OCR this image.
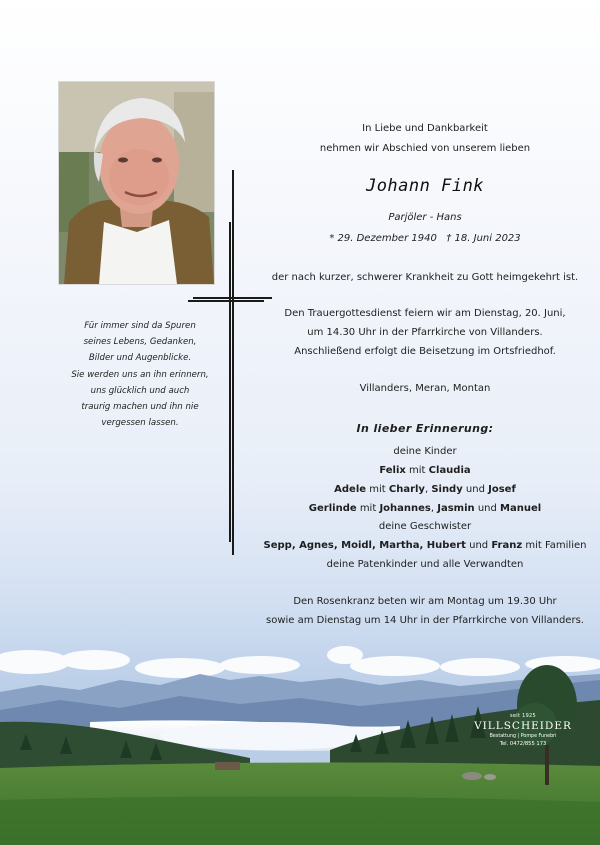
Für immer sind da Spuren
seines Lebens, Gedanken,
Bilder und Augenblicke.
Sie werden uns an ihn erinnern,
uns glücklich und auch
traurig machen und ihn nie
vergessen lassen.
In Liebe und Dankbarkeit
nehmen wir Abschied von unserem lieben
Johann Fink
Parjöler - Hans
* 29. Dezember 1940   † 18. Juni 2023
der nach kurzer, schwerer Krankheit zu Gott heimgekehrt ist.
Den Trauergottesdienst feiern wir am Dienstag, 20. Juni,
um 14.30 Uhr in der Pfarrkirche von Villanders.
Anschließend erfolgt die Beisetzung im Ortsfriedhof.
Villanders, Meran, Montan
In lieber Erinnerung:
deine Kinder
Felix mit Claudia
Adele mit Charly, Sindy und Josef
Gerlinde mit Johannes, Jasmin und Manuel
deine Geschwister
Sepp, Agnes, Moidl, Martha, Hubert und Franz mit Familien
deine Patenkinder und alle Verwandten
Den Rosenkranz beten wir am Montag um 19.30 Uhr
sowie am Dienstag um 14 Uhr in der Pfarrkirche von Villanders.
seit 1925
VILLSCHEIDER
Bestattung | Pompe Funebri
Tel. 0472/855 173
